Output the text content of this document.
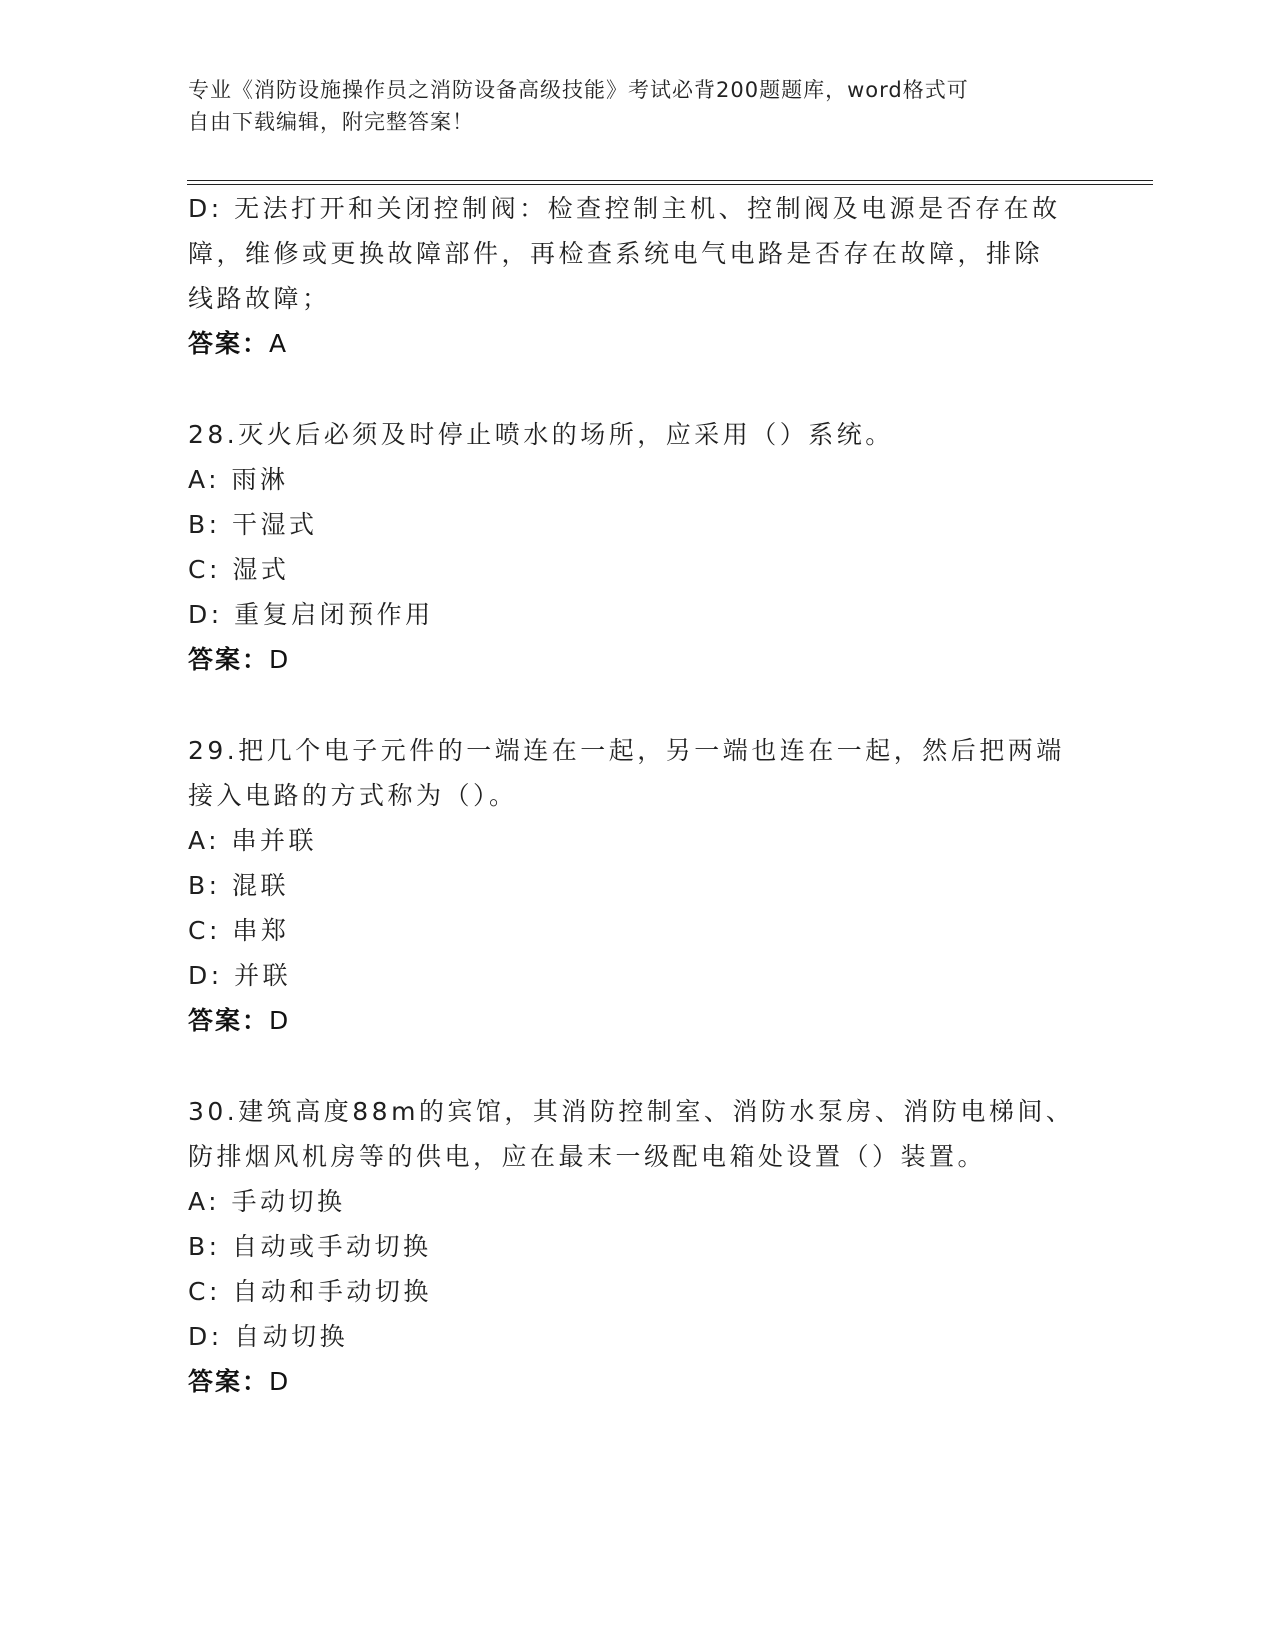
专业《消防设施操作员之消防设备高级技能》考试必背200题题库，word格式可
自由下载编辑，附完整答案！
D: 无法打开和关闭控制阀：检查控制主机、控制阀及电源是否存在故
障，维修或更换故障部件，再检查系统电气电路是否存在故障，排除
线路故障；
答案：A
28.灭火后必须及时停止喷水的场所，应采用（）系统。
A: 雨淋
B: 干湿式
C: 湿式
D: 重复启闭预作用
答案：D
29.把几个电子元件的一端连在一起，另一端也连在一起，然后把两端
接入电路的方式称为（）。
A: 串并联
B: 混联
C: 串郑
D: 并联
答案：D
30.建筑高度88m的宾馆，其消防控制室、消防水泵房、消防电梯间、
防排烟风机房等的供电，应在最末一级配电箱处设置（）装置。
A: 手动切换
B: 自动或手动切换
C: 自动和手动切换
D: 自动切换
答案：D
